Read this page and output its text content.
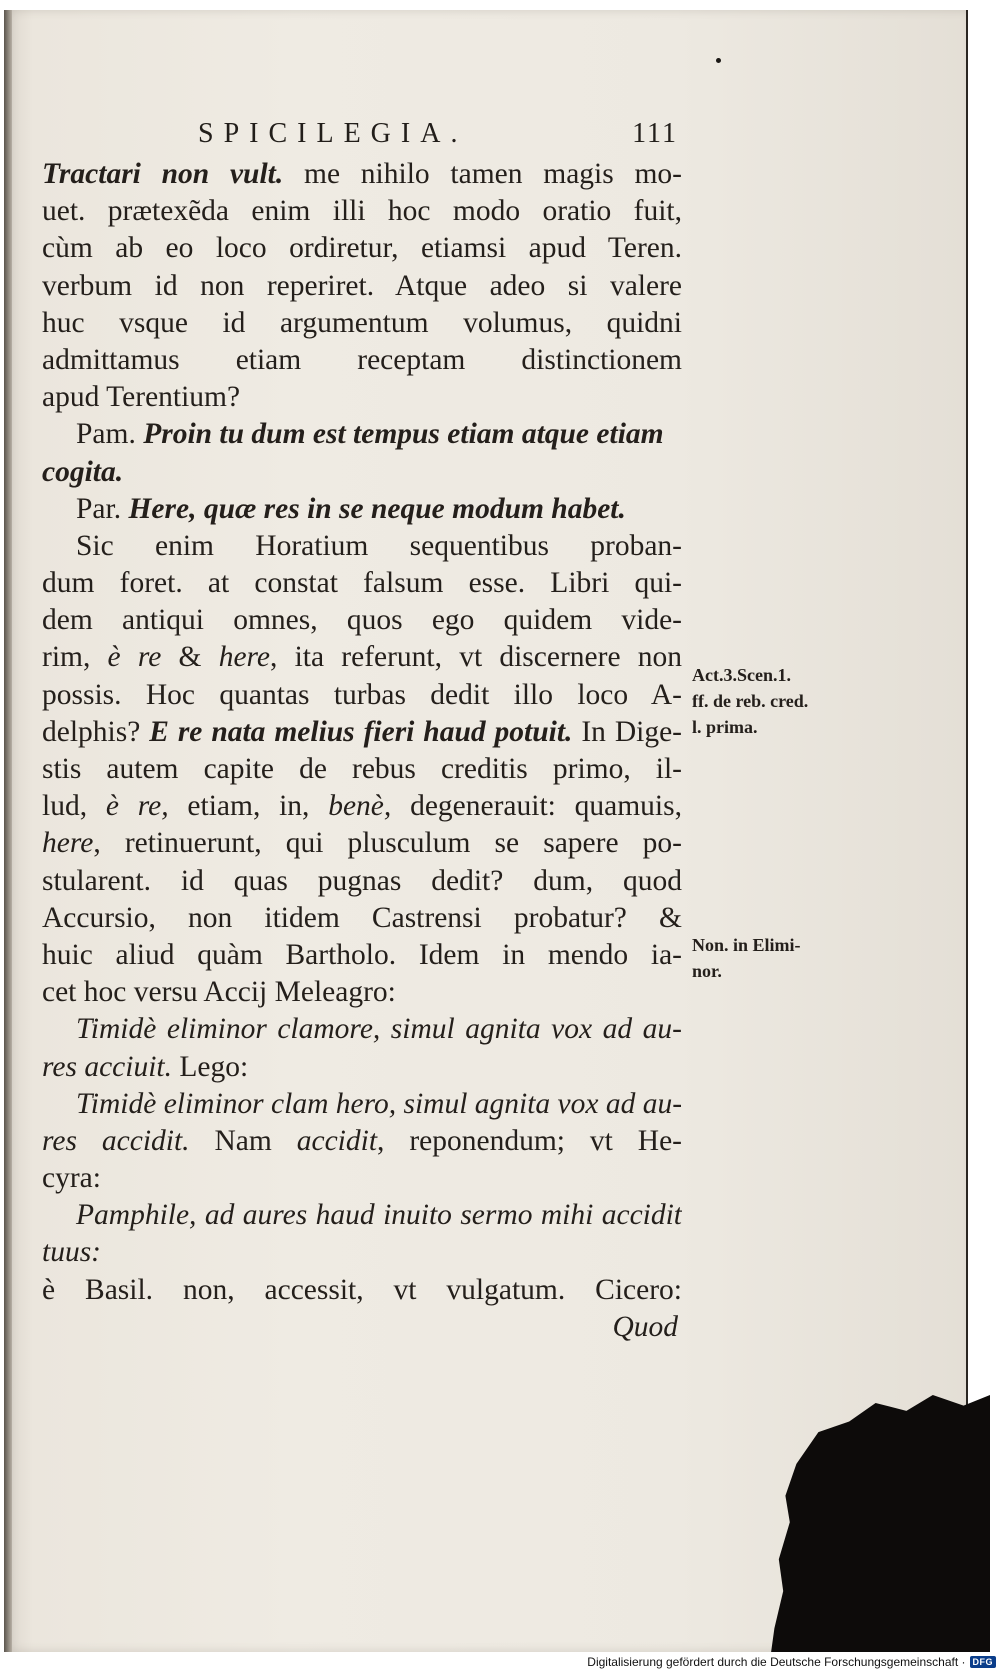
SPICILEGIA.	111
Tractari non vult. me nihilo tamen magis mo-
uet. prætexẽda enim illi hoc modo oratio fuit,
cùm ab eo loco ordiretur, etiamsi apud Teren.
verbum id non reperiret. Atque adeo si valere
huc vsque id argumentum volumus, quidni
admittamus etiam receptam distinctionem
apud Terentium?
Pam. Proin tu dum est tempus etiam atque etiam
cogita.
Par. Here, quæ res in se neque modum habet.
Sic enim Horatium sequentibus proban-
dum foret. at constat falsum esse. Libri qui-
dem antiqui omnes, quos ego quidem vide-
rim, è re & here, ita referunt, vt discernere non
possis. Hoc quantas turbas dedit illo loco A-
delphis? E re nata melius fieri haud potuit. In Dige-
stis autem capite de rebus creditis primo, il-
lud, è re, etiam, in, benè, degenerauit: quamuis,
here, retinuerunt, qui plusculum se sapere po-
stularent. id quas pugnas dedit? dum, quod
Accursio, non itidem Castrensi probatur? &
huic aliud quàm Bartholo. Idem in mendo ia-
cet hoc versu Accij Meleagro:
Timidè eliminor clamore, simul agnita vox ad au-
res acciuit. Lego:
Timidè eliminor clam hero, simul agnita vox ad au-
res accidit. Nam accidit, reponendum; vt He-
cyra:
Pamphile, ad aures haud inuito sermo mihi accidit
tuus:
è Basil. non, accessit, vt vulgatum. Cicero:
Quod
Act.3.Scen.1.
ff. de reb. cred.
l. prima.
Non. in Elimi-
nor.
Digitalisierung gefördert durch die Deutsche Forschungsgemeinschaft · DFG
